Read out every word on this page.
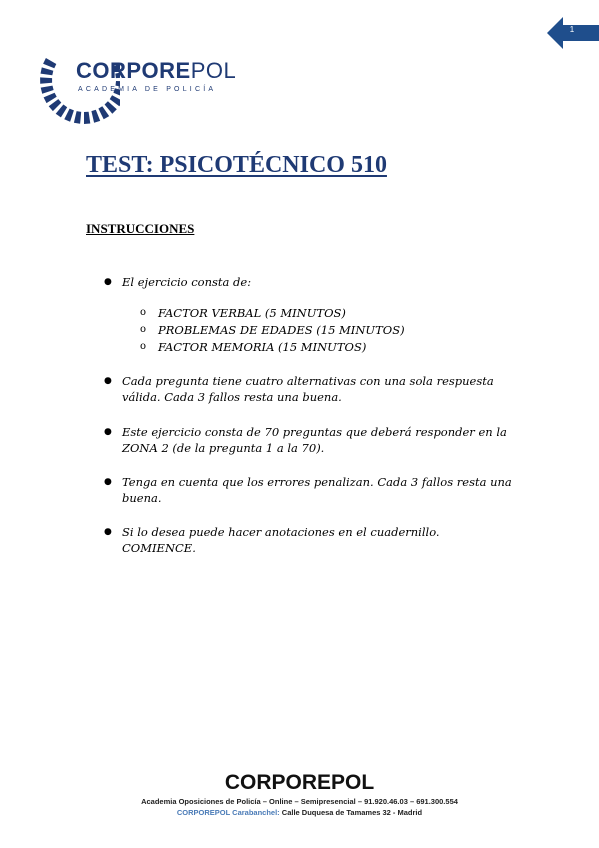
1
CORPOREPOL
ACADEMIA DE POLICÍA
TEST: PSICOTÉCNICO 510
INSTRUCCIONES
● El ejercicio consta de:
o	FACTOR VERBAL (5 MINUTOS)
o	PROBLEMAS DE EDADES (15 MINUTOS)
o	FACTOR MEMORIA (15 MINUTOS)
● Cada pregunta tiene cuatro alternativas con una sola respuesta válida. Cada 3 fallos resta una buena.
● Este ejercicio consta de 70 preguntas que deberá responder en la ZONA 2 (de la pregunta 1 a la 70).
● Tenga en cuenta que los errores penalizan. Cada 3 fallos resta una buena.
● Si lo desea puede hacer anotaciones en el cuadernillo. COMIENCE.
CORPOREPOL
Academia Oposiciones de Policía – Online – Semipresencial – 91.920.46.03 – 691.300.554
CORPOREPOL Carabanchel: Calle Duquesa de Tamames 32 - Madrid
